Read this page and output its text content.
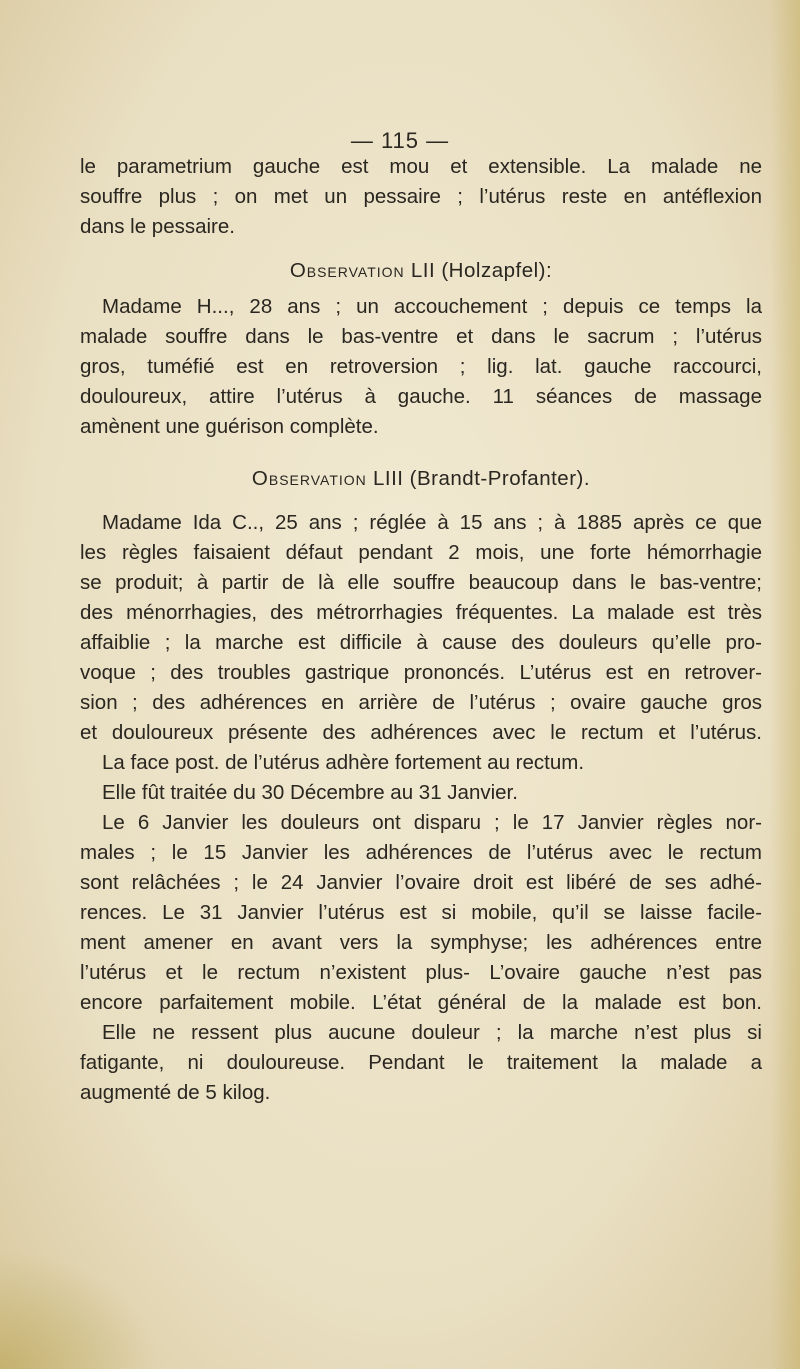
— 115 —
le parametrium gauche est mou et extensible. La malade ne
souffre plus ; on met un pessaire ; l’utérus reste en antéflexion
dans le pessaire.
Observation LII (Holzapfel):
Madame H..., 28 ans ; un accouchement ; depuis ce temps la
malade souffre dans le bas-ventre et dans le sacrum ; l’utérus
gros, tuméfié est en retroversion ; lig. lat. gauche raccourci,
douloureux, attire l’utérus à gauche. 11 séances de massage
amènent une guérison complète.
Observation LIII (Brandt-Profanter).
Madame Ida C.., 25 ans ; réglée à 15 ans ; à 1885 après ce que
les règles faisaient défaut pendant 2 mois, une forte hémorrhagie
se produit; à partir de là elle souffre beaucoup dans le bas-ventre;
des ménorrhagies, des métrorrhagies fréquentes. La malade est très
affaiblie ; la marche est difficile à cause des douleurs qu’elle pro-
voque ; des troubles gastrique prononcés. L’utérus est en retrover-
sion ; des adhérences en arrière de l’utérus ; ovaire gauche gros
et douloureux présente des adhérences avec le rectum et l’utérus.
La face post. de l’utérus adhère fortement au rectum.
Elle fût traitée du 30 Décembre au 31 Janvier.
Le 6 Janvier les douleurs ont disparu ; le 17 Janvier règles nor-
males ; le 15 Janvier les adhérences de l’utérus avec le rectum
sont relâchées ; le 24 Janvier l’ovaire droit est libéré de ses adhé-
rences. Le 31 Janvier l’utérus est si mobile, qu’il se laisse facile-
ment amener en avant vers la symphyse; les adhérences entre
l’utérus et le rectum n’existent plus- L’ovaire gauche n’est pas
encore parfaitement mobile. L’état général de la malade est bon.
Elle ne ressent plus aucune douleur ; la marche n’est plus si
fatigante, ni douloureuse. Pendant le traitement la malade a
augmenté de 5 kilog.
